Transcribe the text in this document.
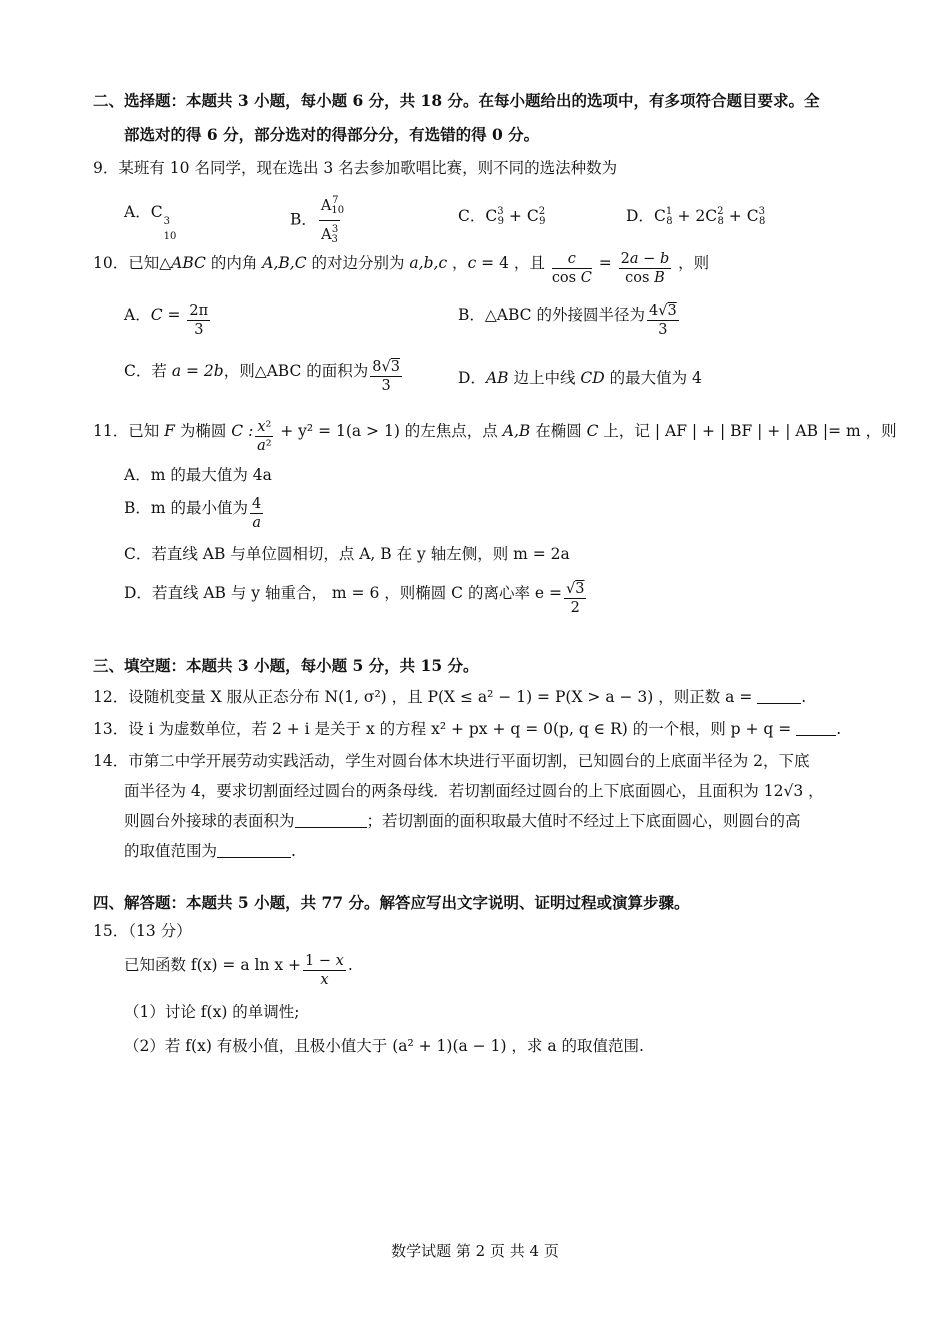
二、选择题：本题共 3 小题，每小题 6 分，共 18 分。在每小题给出的选项中，有多项符合题目要求。全
部选对的得 6 分，部分选对的得部分分，有选错的得 0 分。
9．某班有 10 名同学，现在选出 3 名去参加歌唱比赛，则不同的选法种数为
A．C
3
10
B． $\frac{A_{10}^7}{A_3^3}$	C．$C^3_9 + C^2_9$	D．$C^1_8 + 2C^2_8 + C^3_8$
10．已知△ABC 的内角 A,B,C 的对边分别为 a,b,c ，c = 4 ，且 $\frac{c}{\text{cos C}} = \frac{2a - b}{\text{cos B}}$ ，则
A．$C = \frac{2\pi}{3}$	B．△ABC 的外接圆半径为 $\frac{4√3}{3}$
C．若 a = 2b，则△ABC 的面积为 $\frac{8√3}{3}$	D．AB 边上中线 CD 的最大值为 4
11．已知 F 为椭圆 C : $\frac{\text{x²}}{\text{a²}} + y^2 = 1(a > 1)$ 的左焦点，点 A,B 在椭圆 C 上，记 | AF | + | BF | + | AB |= m ，则
A．m 的最大值为 4a
B．m 的最小值为 $\frac{4}{a}$
C．若直线 AB 与单位圆相切，点 A, B 在 y 轴左侧，则 m = 2a
D．若直线 AB 与 y 轴重合， m = 6 ，则椭圆 C 的离心率 $e = \frac{√3}{2}$
三、填空题：本题共 3 小题，每小题 5 分，共 15 分。
12．设随机变量 X 服从正态分布 N(1, σ²) ，且 P(X ≤ a² − 1) = P(X > a − 3) ，则正数 a =	.
13．设 i 为虚数单位，若 2 + i 是关于 x 的方程 x² + px + q = 0(p, q ∈ R) 的一个根，则 p + q =	.
14．市第二中学开展劳动实践活动，学生对圆台体木块进行平面切割，已知圆台的上底面半径为 2，下底
面半径为 4，要求切割面经过圆台的两条母线．若切割面经过圆台的上下底面圆心，且面积为 12√3 ，
则圆台外接球的表面积为	；若切割面的面积取最大值时不经过上下底面圆心，则圆台的高
的取值范围为	.
四、解答题：本题共 5 小题，共 77 分。解答应写出文字说明、证明过程或演算步骤。
15．（13 分）
已知函数 f(x) = a $\ln x + \frac{1 - x}{x}$ .
（1）讨论 f(x) 的单调性;
（2）若 f(x) 有极小值，且极小值大于 (a² + 1)(a − 1) ，求 a 的取值范围.
数学试题 第 2 页 共 4 页
